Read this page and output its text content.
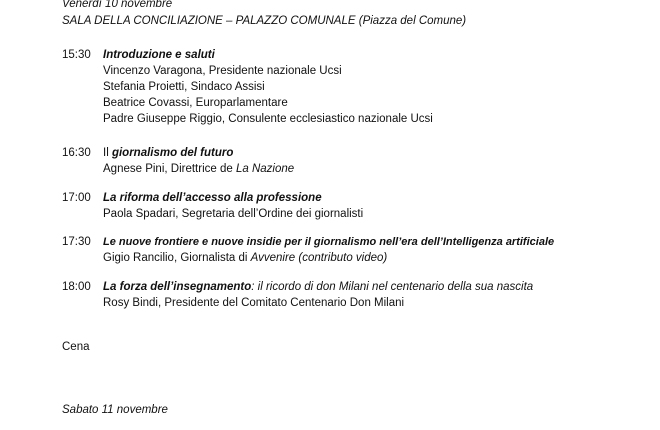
Venerdì 10 novembre
SALA DELLA CONCILIAZIONE – PALAZZO COMUNALE (Piazza del Comune)
15:30 Introduzione e saluti
Vincenzo Varagona, Presidente nazionale Ucsi
Stefania Proietti, Sindaco Assisi
Beatrice Covassi, Europarlamentare
Padre Giuseppe Riggio, Consulente ecclesiastico nazionale Ucsi
16:30 Il giornalismo del futuro
Agnese Pini, Direttrice de La Nazione
17:00 La riforma dell’accesso alla professione
Paola Spadari, Segretaria dell’Ordine dei giornalisti
17:30 Le nuove frontiere e nuove insidie per il giornalismo nell’era dell’Intelligenza artificiale
Gigio Rancilio, Giornalista di Avvenire (contributo video)
18:00 La forza dell’insegnamento: il ricordo di don Milani nel centenario della sua nascita
Rosy Bindi, Presidente del Comitato Centenario Don Milani
Cena
Sabato 11 novembre
